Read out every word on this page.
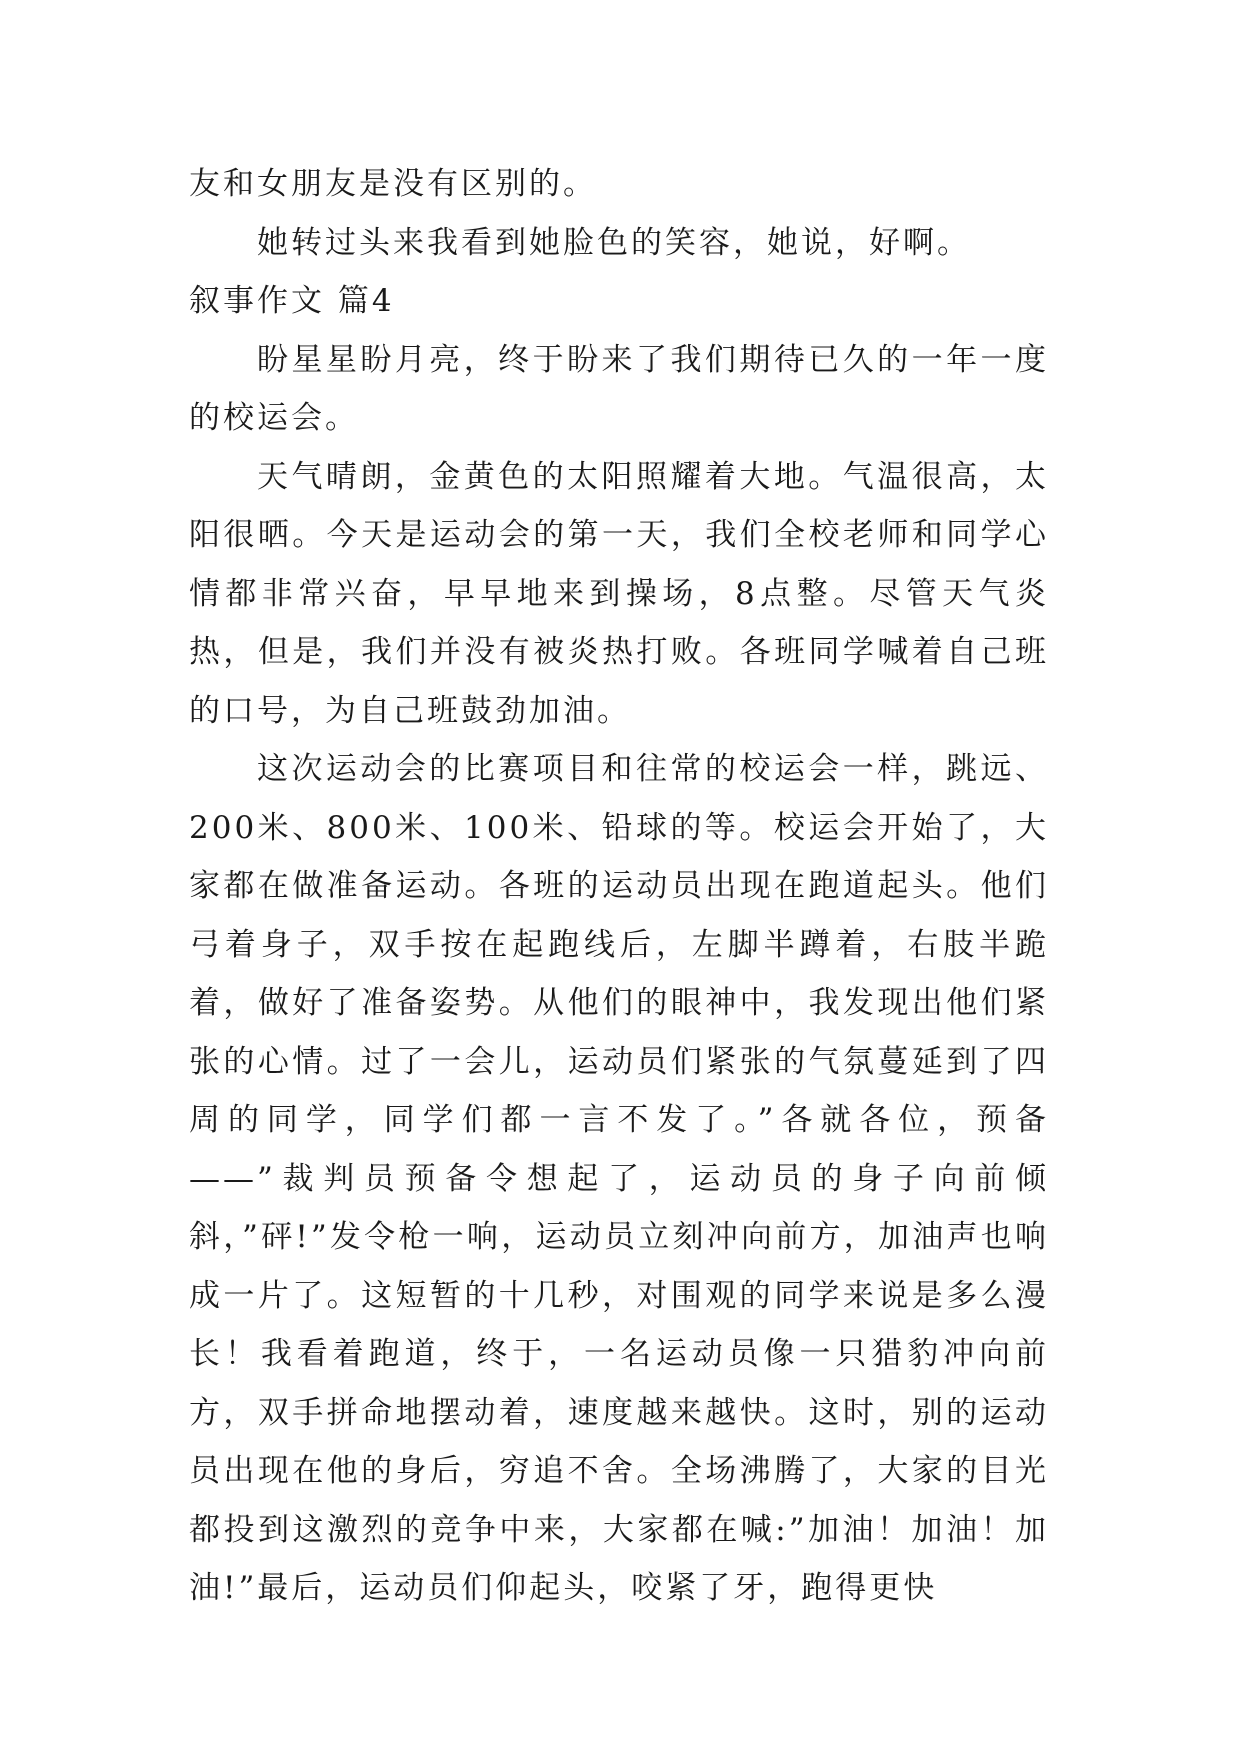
友和女朋友是没有区别的。

她转过头来我看到她脸色的笑容，她说，好啊。

叙事作文 篇4

盼星星盼月亮，终于盼来了我们期待已久的一年一度的校运会。

天气晴朗，金黄色的太阳照耀着大地。气温很高，太阳很晒。今天是运动会的第一天，我们全校老师和同学心情都非常兴奋，早早地来到操场，8点整。尽管天气炎热，但是，我们并没有被炎热打败。各班同学喊着自己班的口号，为自己班鼓劲加油。

这次运动会的比赛项目和往常的校运会一样，跳远、200米、800米、100米、铅球的等。校运会开始了，大家都在做准备运动。各班的运动员出现在跑道起头。他们弓着身子，双手按在起跑线后，左脚半蹲着，右肢半跪着，做好了准备姿势。从他们的眼神中，我发现出他们紧张的心情。过了一会儿，运动员们紧张的气氛蔓延到了四周的同学，同学们都一言不发了。”各就各位，预备——”裁判员预备令想起了，运动员的身子向前倾斜，”砰!”发令枪一响，运动员立刻冲向前方，加油声也响成一片了。这短暂的十几秒，对围观的同学来说是多么漫长！我看着跑道，终于，一名运动员像一只猎豹冲向前方，双手拼命地摆动着，速度越来越快。这时，别的运动员出现在他的身后，穷追不舍。全场沸腾了，大家的目光都投到这激烈的竞争中来，大家都在喊:”加油！加油！加油!”最后，运动员们仰起头，咬紧了牙，跑得更快
